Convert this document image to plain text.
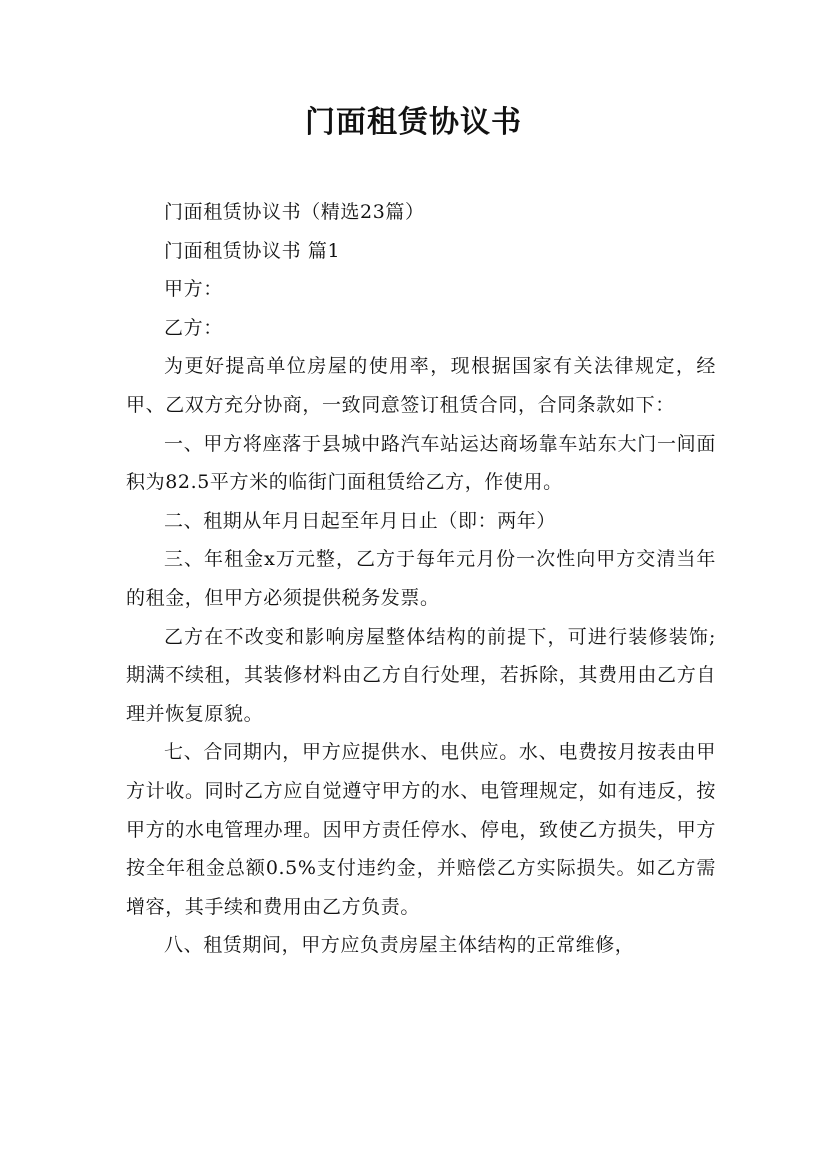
门面租赁协议书

门面租赁协议书（精选23篇）

门面租赁协议书 篇1

甲方：

乙方：

为更好提高单位房屋的使用率，现根据国家有关法律规定，经甲、乙双方充分协商，一致同意签订租赁合同，合同条款如下：

一、甲方将座落于县城中路汽车站运达商场靠车站东大门一间面积为82.5平方米的临街门面租赁给乙方，作使用。

二、租期从年月日起至年月日止（即：两年）

三、年租金x万元整，乙方于每年元月份一次性向甲方交清当年的租金，但甲方必须提供税务发票。

乙方在不改变和影响房屋整体结构的前提下，可进行装修装饰;期满不续租，其装修材料由乙方自行处理，若拆除，其费用由乙方自理并恢复原貌。

七、合同期内，甲方应提供水、电供应。水、电费按月按表由甲方计收。同时乙方应自觉遵守甲方的水、电管理规定，如有违反，按甲方的水电管理办理。因甲方责任停水、停电，致使乙方损失，甲方按全年租金总额0.5%支付违约金，并赔偿乙方实际损失。如乙方需增容，其手续和费用由乙方负责。

八、租赁期间，甲方应负责房屋主体结构的正常维修，
